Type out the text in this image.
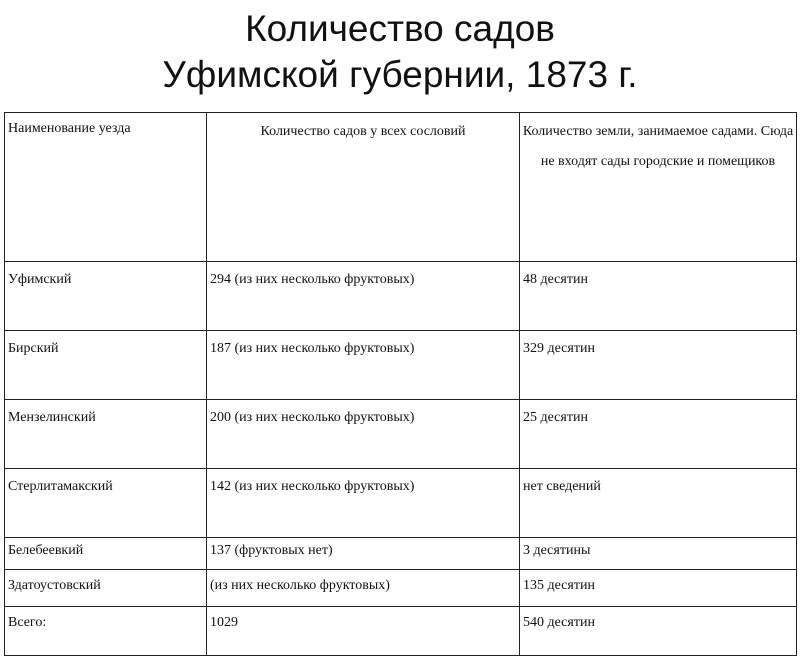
Количество садов
Уфимской губернии, 1873 г.
Наименование уезда	Количество садов у всех сословий	Количество земли, занимаемое садами. Сюда не входят сады городские и помещиков
Уфимский	294 (из них несколько фруктовых)	48 десятин
Бирский	187 (из них несколько фруктовых)	329 десятин
Мензелинский	200 (из них несколько фруктовых)	25 десятин
Стерлитамакский	142 (из них несколько фруктовых)	нет сведений
Белебеевкий	137 (фруктовых нет)	3 десятины
Здатоустовский	(из них несколько фруктовых)	135 десятин
Всего:	1029	540 десятин
